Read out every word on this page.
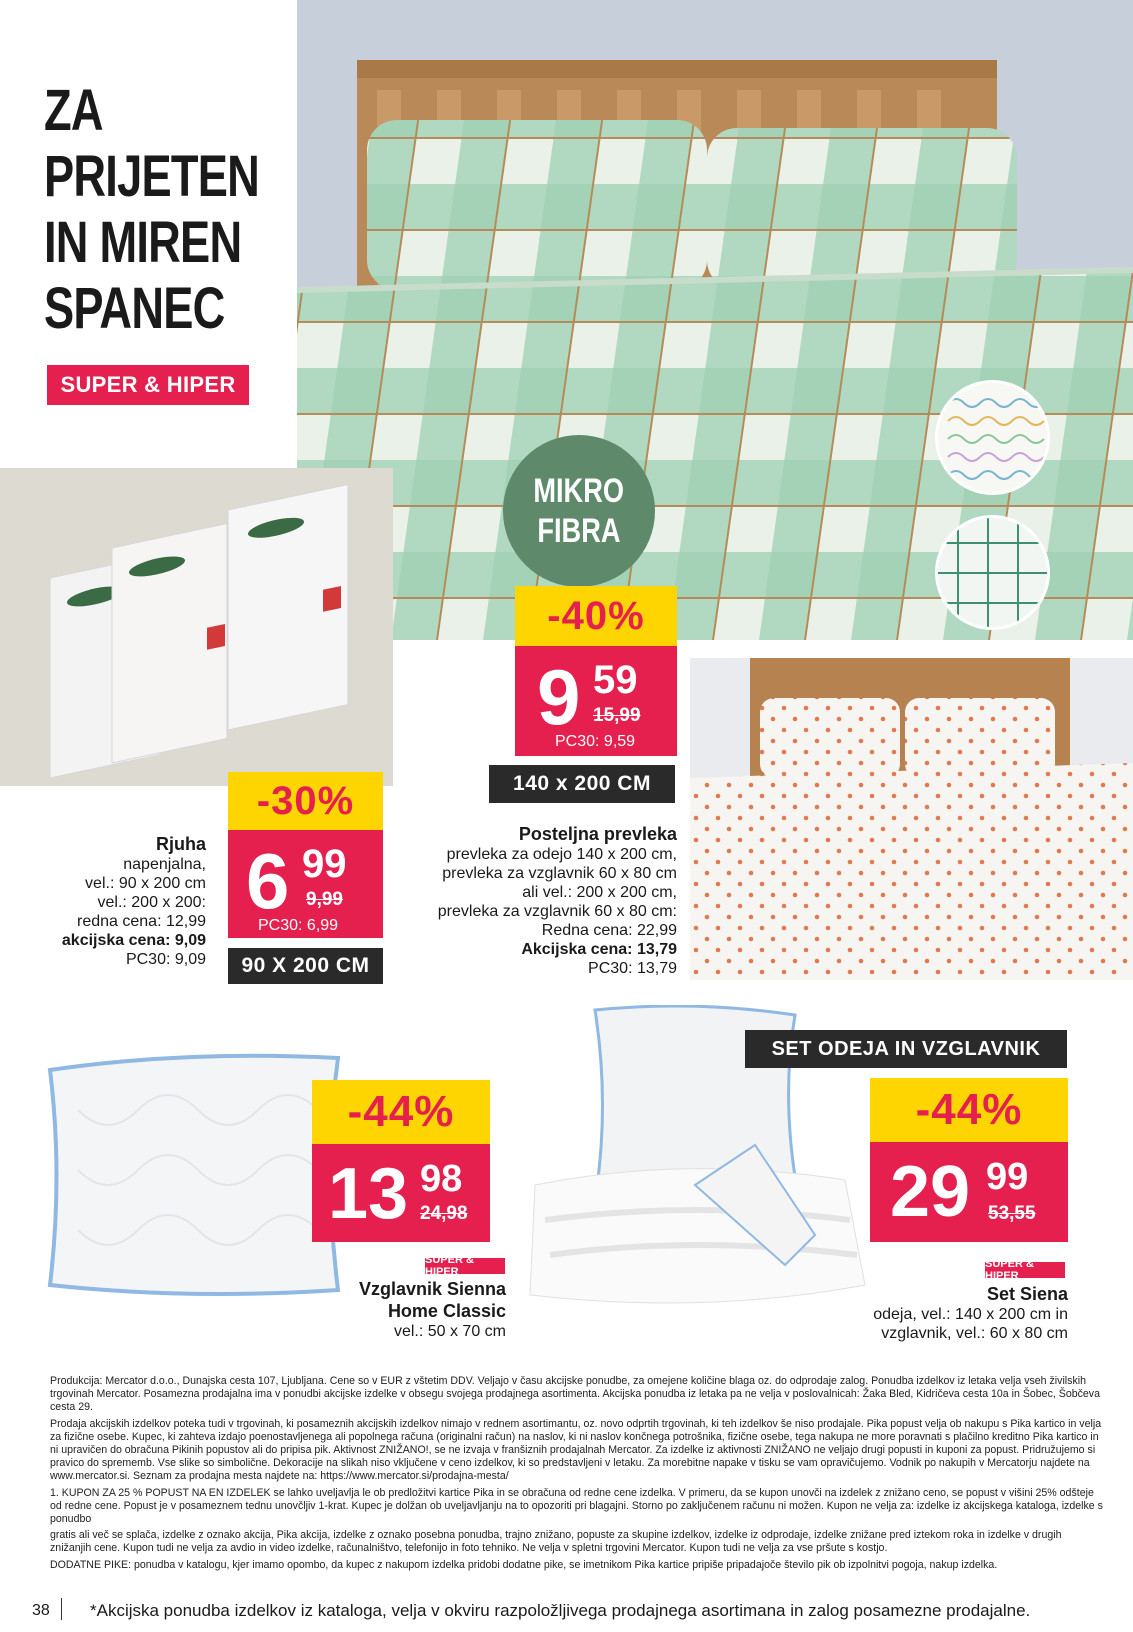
ZA
PRIJETEN
IN MIREN
SPANEC
SUPER & HIPER
MIKRO
FIBRA
-40%
9 59
15,99
PC30: 9,59
140 x 200 CM
Posteljna prevleka
prevleka za odejo 140 x 200 cm,
prevleka za vzglavnik 60 x 80 cm
ali vel.: 200 x 200 cm,
prevleka za vzglavnik 60 x 80 cm:
Redna cena: 22,99
Akcijska cena: 13,79
PC30: 13,79
-30%
6 99
9,99
PC30: 6,99
90 X 200 CM
Rjuha
napenjalna,
vel.: 90 x 200 cm
vel.: 200 x 200:
redna cena: 12,99
akcijska cena: 9,09
PC30: 9,09
-44%
13 98
24,98
SUPER & HIPER
Vzglavnik Sienna
Home Classic
vel.: 50 x 70 cm
SET ODEJA IN VZGLAVNIK
-44%
29 99
53,55
SUPER & HIPER
Set Siena
odeja, vel.: 140 x 200 cm in
vzglavnik, vel.: 60 x 80 cm

Produkcija: Mercator d.o.o., Dunajska cesta 107, Ljubljana. Cene so v EUR z vštetim DDV. Veljajo v času akcijske ponudbe, za omejene količine blaga oz. do odprodaje zalog. Ponudba izdelkov iz letaka velja vseh živilskih trgovinah Mercator. Posamezna prodajalna ima v ponudbi akcijske izdelke v obsegu svojega prodajnega asortimenta. Akcijska ponudba iz letaka pa ne velja v poslovalnicah: Žaka Bled, Kidričeva cesta 10a in Šobec, Šobčeva cesta 29.

Prodaja akcijskih izdelkov poteka tudi v trgovinah, ki posameznih akcijskih izdelkov nimajo v rednem asortimantu, oz. novo odprtih trgovinah, ki teh izdelkov še niso prodajale. Pika popust velja ob nakupu s Pika kartico in velja za fizične osebe. Kupec, ki zahteva izdajo poenostavljenega ali popolnega računa (originalni račun) na naslov, ki ni naslov končnega potrošnika, fizične osebe, tega nakupa ne more poravnati s plačilno kreditno Pika kartico in ni upravičen do obračuna Pikinih popustov ali do pripisa pik. Aktivnost ZNIŽANO!, se ne izvaja v franšiznih prodajalnah Mercator. Za izdelke iz aktivnosti ZNIŽANO ne veljajo drugi popusti in kuponi za popust. Pridružujemo si pravico do sprememb. Vse slike so simbolične. Dekoracije na slikah niso vključene v ceno izdelkov, ki so predstavljeni v letaku. Za morebitne napake v tisku se vam opravičujemo. Vodnik po nakupih v Mercatorju najdete na www.mercator.si. Seznam za prodajna mesta najdete na: https://www.mercator.si/prodajna-mesta/

1. KUPON ZA 25 % POPUST NA EN IZDELEK se lahko uveljavlja le ob predložitvi kartice Pika in se obračuna od redne cene izdelka. V primeru, da se kupon unovči na izdelek z znižano ceno, se popust v višini 25% odšteje od redne cene. Popust je v posameznem tednu unovčljiv 1-krat. Kupec je dolžan ob uveljavljanju na to opozoriti pri blagajni. Storno po zaključenem računu ni možen. Kupon ne velja za: izdelke iz akcijskega kataloga, izdelke s ponudbo

gratis ali več se splača, izdelke z oznako akcija, Pika akcija, izdelke z oznako posebna ponudba, trajno znižano, popuste za skupine izdelkov, izdelke iz odprodaje, izdelke znižane pred iztekom roka in izdelke v drugih znižanjih cene. Kupon tudi ne velja za avdio in video izdelke, računalništvo, telefonijo in foto tehniko. Ne velja v spletni trgovini Mercator. Kupon tudi ne velja za vse pršute s kostjo.

DODATNE PIKE: ponudba v katalogu, kjer imamo opombo, da kupec z nakupom izdelka pridobi dodatne pike, se imetnikom Pika kartice pripiše pripadajoče število pik ob izpolnitvi pogoja, nakup izdelka.

38 *Akcijska ponudba izdelkov iz kataloga, velja v okviru razpoložljivega prodajnega asortimana in zalog posamezne prodajalne.
